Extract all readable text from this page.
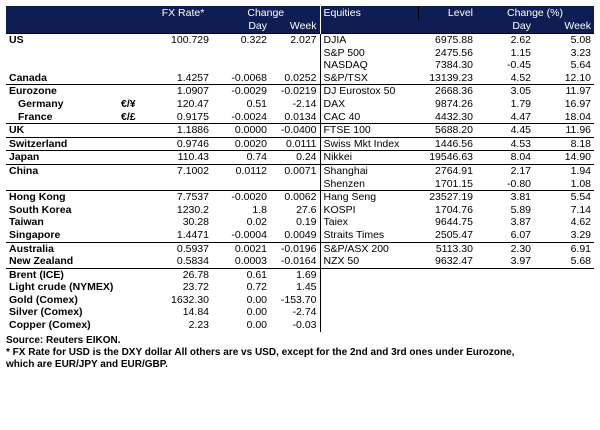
		FX Rate*	Change		Equities	Level	Change (%)	
			Day	Week			Day	Week
US		100.729	0.322	2.027	DJIA	6975.88	2.62	5.08
					S&P 500	2475.56	1.15	3.23
					NASDAQ	7384.30	-0.45	5.64
Canada		1.4257	-0.0068	0.0252	S&P/TSX	13139.23	4.52	12.10
Eurozone		1.0907	-0.0029	-0.0219	DJ Eurostox 50	2668.36	3.05	11.97
Germany	€/¥	120.47	0.51	-2.14	DAX	9874.26	1.79	16.97
France	€/£	0.9175	-0.0024	0.0134	CAC 40	4432.30	4.47	18.04
UK		1.1886	0.0000	-0.0400	FTSE 100	5688.20	4.45	11.96
Switzerland		0.9746	0.0020	0.0111	Swiss Mkt Index	1446.56	4.53	8.18
Japan		110.43	0.74	0.24	Nikkei	19546.63	8.04	14.90
China		7.1002	0.0112	0.0071	Shanghai	2764.91	2.17	1.94
					Shenzen	1701.15	-0.80	1.08
Hong Kong		7.7537	-0.0020	0.0062	Hang Seng	23527.19	3.81	5.54
South Korea		1230.2	1.8	27.6	KOSPI	1704.76	5.89	7.14
Taiwan		30.28	0.02	0.19	Taiex	9644.75	3.87	4.62
Singapore		1.4471	-0.0004	0.0049	Straits Times	2505.47	6.07	3.29
Australia		0.5937	0.0021	-0.0196	S&P/ASX 200	5113.30	2.30	6.91
New Zealand		0.5834	0.0003	-0.0164	NZX 50	9632.47	3.97	5.68
Brent (ICE)		26.78	0.61	1.69				
Light crude (NYMEX)		23.72	0.72	1.45				
Gold (Comex)		1632.30	0.00	-153.70				
Silver (Comex)		14.84	0.00	-2.74				
Copper (Comex)		2.23	0.00	-0.03				
Source: Reuters EIKON.
* FX Rate for USD is the DXY dollar All others are vs USD, except for the 2nd and 3rd ones under Eurozone,
which are EUR/JPY and EUR/GBP.
